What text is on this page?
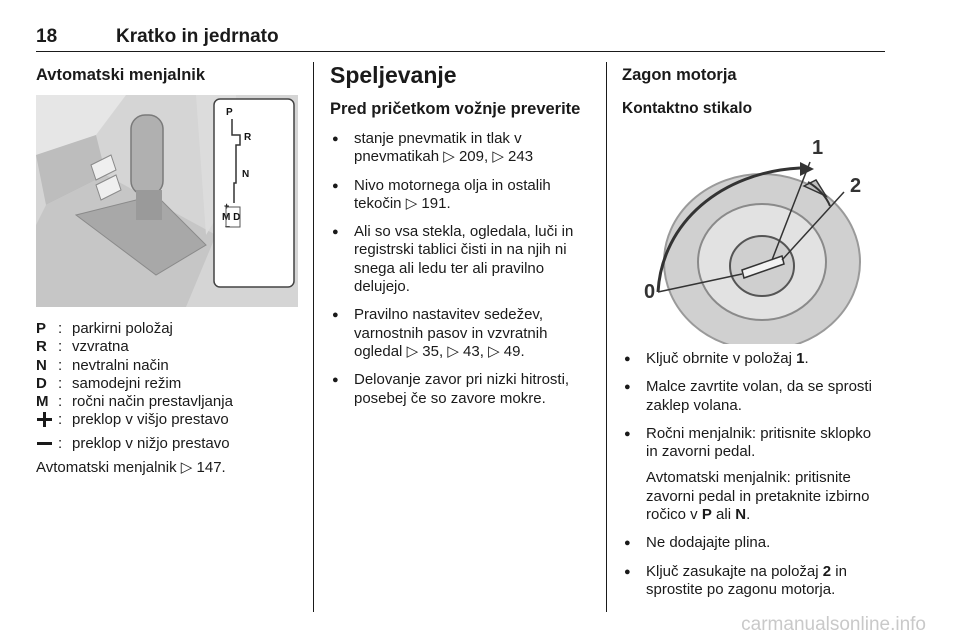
18	Kratko in jedrnato
Avtomatski menjalnik
P
R
N
M D
+
–
P : parkirni položaj
R : vzvratna
N : nevtralni način
D : samodejni režim
M : ročni način prestavljanja
: preklop v višjo prestavo
: preklop v nižjo prestavo
Avtomatski menjalnik ▷ 147.
Speljevanje
Pred pričetkom vožnje preverite
● stanje pnevmatik in tlak v
pnevmatikah ▷ 209, ▷ 243
● Nivo motornega olja in ostalih
tekočin ▷ 191.
● Ali so vsa stekla, ogledala, luči in registrski tablici čisti in na njih ni snega ali ledu ter ali pravilno delujejo.
● Pravilno nastavitev sedežev,
varnostnih pasov in vzvratnih
ogledal ▷ 35, ▷ 43, ▷ 49.
● Delovanje zavor pri nizki hitrosti, posebej če so zavore mokre.
Zagon motorja
Kontaktno stikalo
0
1
2
● Ključ obrnite v položaj 1.
● Malce zavrtite volan, da se sprosti zaklep volana.
● Ročni menjalnik: pritisnite sklopko in zavorni pedal.
Avtomatski menjalnik: pritisnite zavorni pedal in pretaknite izbirno ročico v P ali N.
● Ne dodajajte plina.
● Ključ zasukajte na položaj 2 in sprostite po zagonu motorja.
carmanualsonline.info
